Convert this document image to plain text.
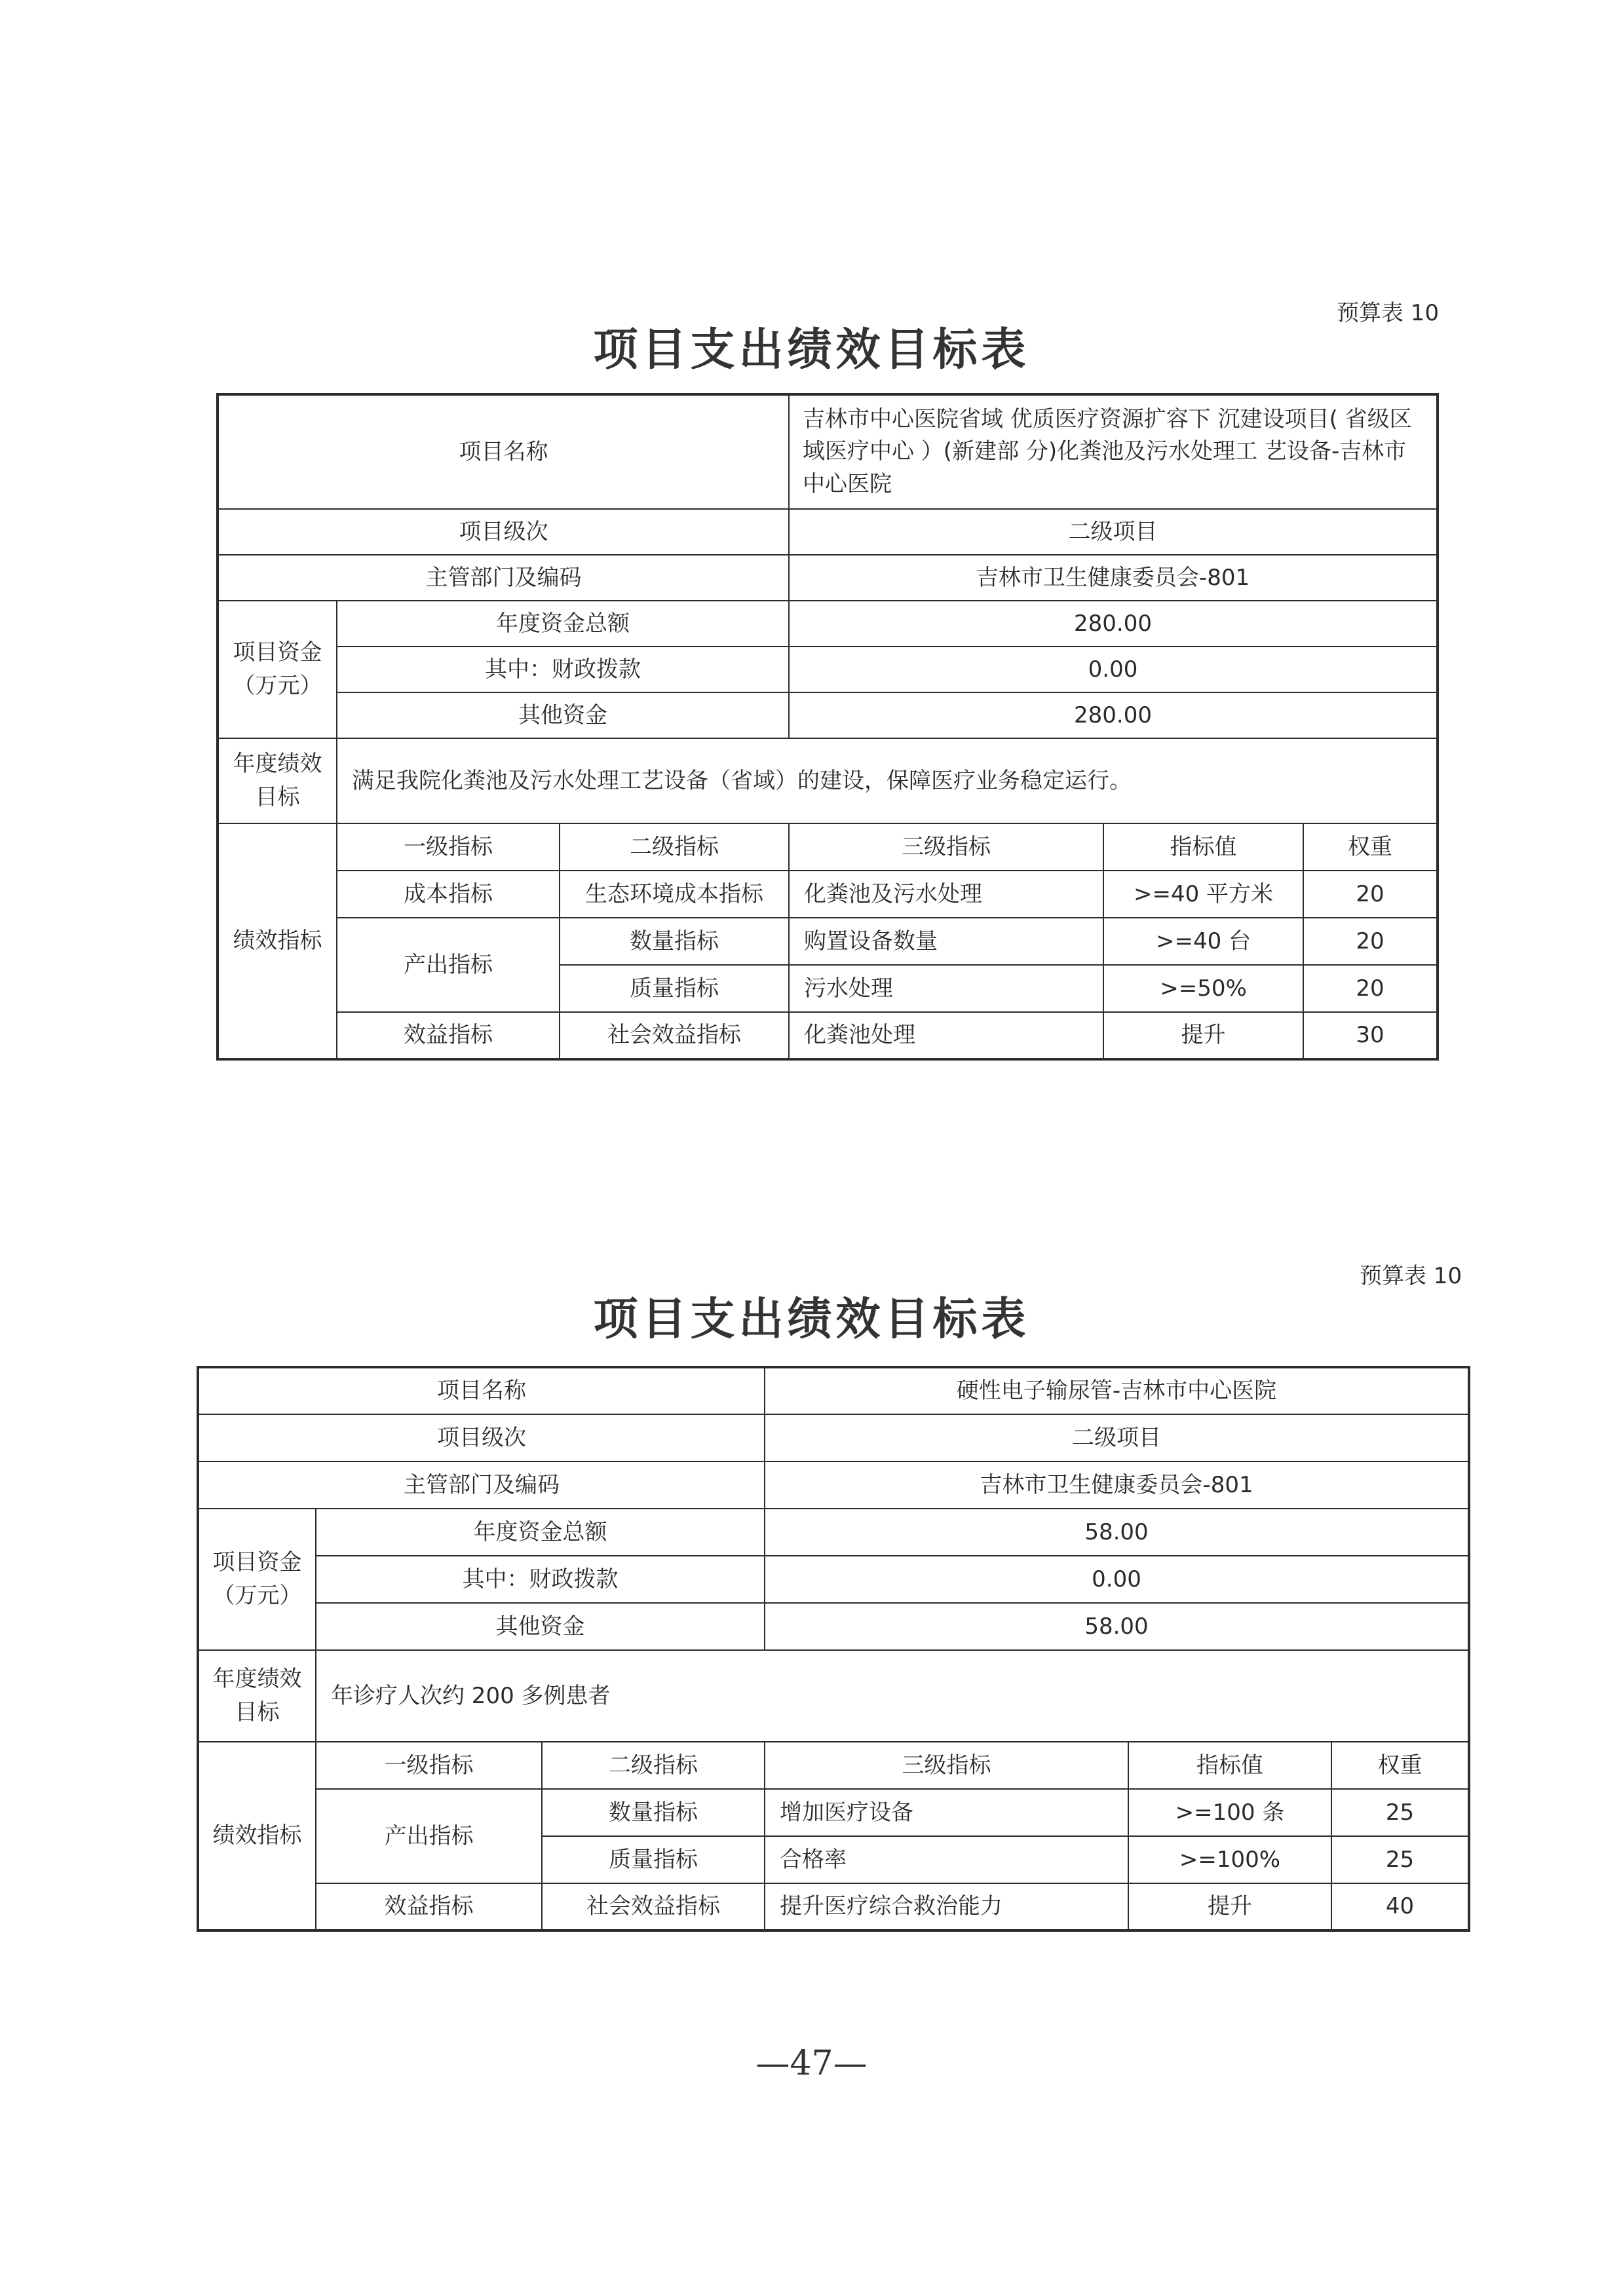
预算表 10
项目支出绩效目标表
项目名称			吉林市中心医院省域 优质医疗资源扩容下 沉建设项目( 省级区 域医疗中心 ）(新建部 分)化粪池及污水处理工 艺设备-吉林市中心医院		
项目级次			二级项目		
主管部门及编码			吉林市卫生健康委员会-801		
项目资金（万元）	年度资金总额		280.00		
	其中：财政拨款		0.00		
	其他资金		280.00		
年度绩效目标	满足我院化粪池及污水处理工艺设备（省域）的建设，保障医疗业务稳定运行。				
绩效指标	一级指标	二级指标	三级指标	指标值	权重
	成本指标	生态环境成本指标	化粪池及污水处理	>=40 平方米	20
	产出指标	数量指标	购置设备数量	>=40 台	20
		质量指标	污水处理	>=50%	20
	效益指标	社会效益指标	化粪池处理	提升	30
预算表 10
项目支出绩效目标表
项目名称			硬性电子输尿管-吉林市中心医院		
项目级次			二级项目		
主管部门及编码			吉林市卫生健康委员会-801		
项目资金（万元）	年度资金总额		58.00		
	其中：财政拨款		0.00		
	其他资金		58.00		
年度绩效目标	年诊疗人次约 200 多例患者				
绩效指标	一级指标	二级指标	三级指标	指标值	权重
	产出指标	数量指标	增加医疗设备	>=100 条	25
		质量指标	合格率	>=100%	25
	效益指标	社会效益指标	提升医疗综合救治能力	提升	40
—47—
